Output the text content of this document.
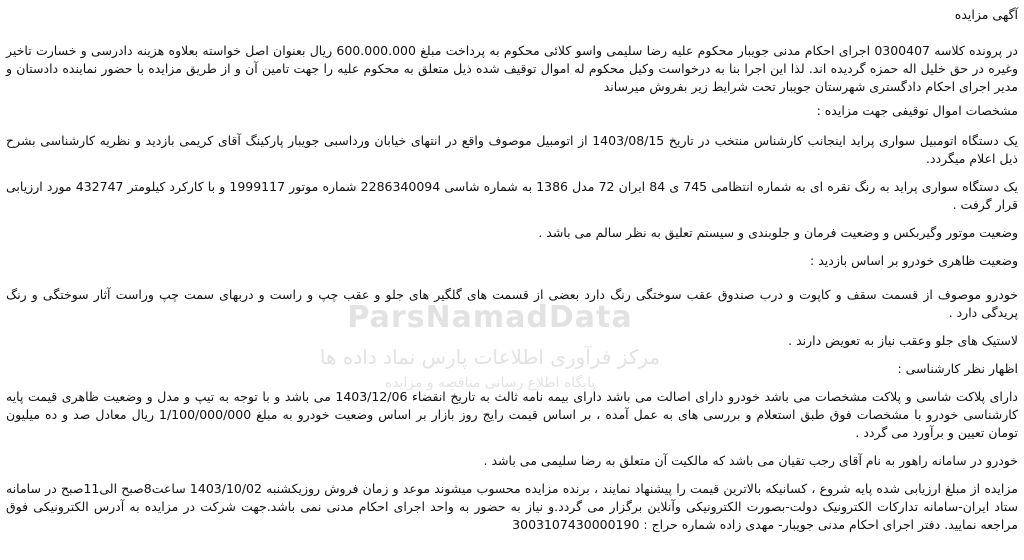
آگهی مزایده

در پرونده کلاسه 0300407 اجرای احکام مدنی جویبار محکوم علیه رضا سلیمی واسو کلائی محکوم به پرداخت مبلغ 600.000.000 ریال بعنوان اصل خواسته بعلاوه هزینه دادرسی و خسارت تاخیر وغیره در حق خلیل اله حمزه گردیده اند. لذا این اجرا بنا به درخواست وکیل محکوم له اموال توقیف شده ذیل متعلق به محکوم علیه را جهت تامین آن و از طریق مزایده با حضور نماینده دادستان و مدیر اجرای احکام دادگستری شهرستان جویبار تحت شرایط زیر بفروش میرساند

مشخصات اموال توقیفی جهت مزایده :

یک دستگاه اتومبیل سواری پراید اینجانب کارشناس منتخب در تاریخ 1403/08/15 از اتومبیل موصوف واقع در انتهای خیابان ورداسبی جویبار پارکینگ آقای کریمی بازدید و نظریه کارشناسی بشرح ذیل اعلام میگردد.

یک دستگاه سواری پراید به رنگ نقره ای به شماره انتظامی 745 ی 84 ایران 72 مدل 1386 به شماره شاسی 2286340094 شماره موتور 1999117 و با کارکرد کیلومتر 432747 مورد ارزیابی قرار گرفت .

وضعیت موتور وگیربکس و وضعیت فرمان و جلوبندی و سیستم تعلیق به نظر سالم می باشد .

وضعیت ظاهری خودرو بر اساس بازدید :

خودرو موصوف از قسمت سقف و کاپوت و درب صندوق عقب سوختگی رنگ دارد بعضی از قسمت های گلگیر های جلو و عقب چپ و راست و دربهای سمت چپ وراست آثار سوختگی و رنگ پریدگی دارد .

لاستیک های جلو وعقب نیاز به تعویض دارند .

اظهار نظر کارشناسی :

دارای پلاکت شاسی و پلاکت مشخصات می باشد خودرو دارای اصالت می باشد دارای بیمه نامه ثالث به تاریخ انقضاء 1403/12/06 می باشد و با توجه به تیپ و مدل و وضعیت ظاهری قیمت پایه کارشناسی خودرو با مشخصات فوق طبق استعلام و بررسی های به عمل آمده ، بر اساس قیمت رایج روز بازار بر اساس وضعیت خودرو به مبلغ 1/100/000/000 ریال معادل صد و ده میلیون تومان تعیین و برآورد می گردد .

خودرو در سامانه راهور به نام آقای رجب تقیان می باشد که مالکیت آن متعلق به رضا سلیمی می باشد .

مزایده از مبلغ ارزیابی شده پایه شروع ، کسانیکه بالاترین قیمت را پیشنهاد نمایند ، برنده مزایده محسوب میشوند موعد و زمان فروش روزیکشنبه 1403/10/02 ساعت8صبح الی11صبح در سامانه ستاد ایران-سامانه تدارکات الکترونیک دولت-بصورت الکترونیکی وآنلاین برگزار می گردد.و نیاز به حضور به واحد اجرای احکام مدنی نمی باشد.جهت شرکت در مزایده به آدرس الکترونیکی فوق مراجعه نمایید. دفتر اجرای احکام مدنی جویبار- مهدی زاده شماره حراج : 3003107430000190

ParsNamadData
مرکز فرآوری اطلاعات پارس نماد داده ها
پایگاه اطلاع رسانی مناقصه و مزایده
